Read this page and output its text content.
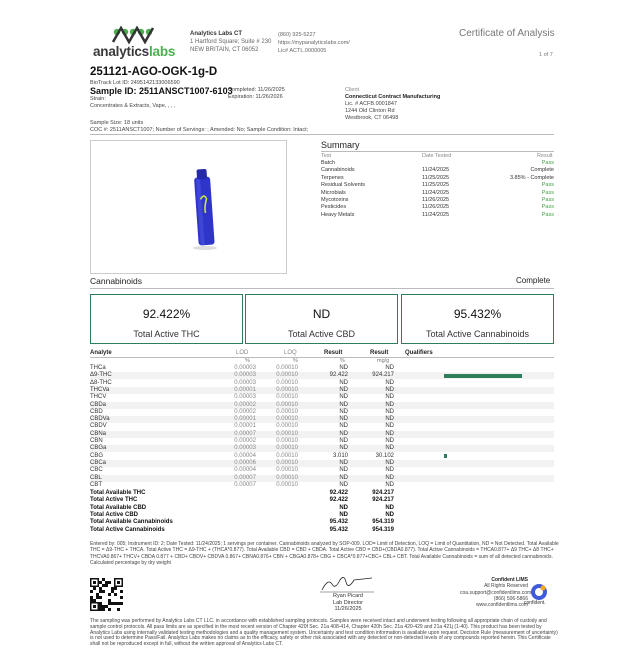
analyticslabs
Analytics Labs CT
1 Hartford Square; Suite # 230
NEW BRITAIN, CT 06052
(860) 925-5227
https://mypanalyticslabs.com/
Lic# ACTL.0000005
Certificate of Analysis
1 of 7
251121-AGO-OGK-1g-D
BioTrack Lot ID: 2495142133006590
Sample ID: 2511ANSCT1007-6103
Strain:
Concentrates & Extracts, Vape, , , ,
Completed: 11/26/2025
Expiration: 11/26/2026
Client
Connecticut Contract Manufacturing
Lic. # ACFB.0001847
1244 Old Clinton Rd
Westbrook, CT 06498
Sample Size: 18 units
COC #: 2511ANSCT1007; Number of Servings: ; Amended: No; Sample Condition: Intact;
Summary
Test	Date Tested	Result
Batch	Pass
Cannabinoids	11/24/2025	Complete
Terpenes	11/25/2025	3.85% - Complete
Residual Solvents	11/25/2025	Pass
Microbials	11/24/2025	Pass
Mycotoxins	11/26/2025	Pass
Pesticides	11/26/2025	Pass
Heavy Metals	11/24/2025	Pass
Cannabinoids	Complete
92.422%
Total Active THC
ND
Total Active CBD
95.432%
Total Active Cannabinoids
Analyte	LOD	LOQ	Result	Result	Qualifiers
%	%	%	mg/g
THCa	0.00003	0.00010	ND	ND
Δ9-THC	0.00003	0.00010	92.422	924.217
Δ8-THC	0.00003	0.00010	ND	ND
THCVa	0.00001	0.00010	ND	ND
THCV	0.00003	0.00010	ND	ND
CBDa	0.00002	0.00010	ND	ND
CBD	0.00002	0.00010	ND	ND
CBDVa	0.00001	0.00010	ND	ND
CBDV	0.00001	0.00010	ND	ND
CBNa	0.00007	0.00010	ND	ND
CBN	0.00002	0.00010	ND	ND
CBGa	0.00003	0.00010	ND	ND
CBG	0.00004	0.00010	3.010	30.102
CBCa	0.00006	0.00010	ND	ND
CBC	0.00004	0.00010	ND	ND
CBL	0.00007	0.00010	ND	ND
CBT	0.00007	0.00010	ND	ND
Total Available THC	92.422	924.217
Total Active THC	92.422	924.217
Total Available CBD	ND	ND
Total Active CBD	ND	ND
Total Available Cannabinoids	95.432	954.319
Total Active Cannabinoids	95.432	954.319
Entered by: 005; Instrument ID: 2; Date Tested: 11/24/2025; 1 servings per container. Cannabinoids analyzed by SOP-009. LOD= Limit of Detection, LOQ = Limit of Quantitation, ND = Not Detected. Total Available THC = Δ9-THC + THCA. Total Active THC = Δ9-THC + (THCA*0.877). Total Available CBD = CBD + CBDA. Total Active CBD = CBD+(CBDA0.877). Total Active Cannabinoids = THCA0.877+ Δ9 THC+ Δ8 THC+ THCVA0.867+ THCV+ CBDA 0.877 + CBD+ CBDV+ CBDVA 0.867+ CBNA0.876+ CBN + CBGA0.878+ CBG + CBCA*0.877+CBC+ CBL+ CBT. Total Available Cannabinoids = sum of all detected cannabinoids. Calculated percentage by dry weight
Ryan Picard
Lab Director
11/26/2025
Confident LIMS
All Rights Reserved
coa.support@confidentlims.com
(866) 506-5866
www.confidentlims.com
confident.
The sampling was performed by Analytics Labs CT LLC. in accordance with established sampling protocols. Samples were received intact and underwent testing following all appropriate chain of custody and sample control protocols. All pass limits are as specified in the most recent version of Chapter 420f Sec. 21a 408-414, Chapter 420h Sec. 21a 420-429 and 21a 421j (1-40). This product has been tested by Analytics Labs using internally validated testing methodologies and a quality management system. Uncertainty and test condition information is available upon request. Decision Rule (measurement of uncertainty) is not used to determine Pass/Fail. Analytics Labs makes no claims as to the efficacy, safety or other risk associated with any detected or non-detected levels of any compounds reported herein. This Certificate shall not be reproduced except in full, without the written approval of Analytics Labs CT.
